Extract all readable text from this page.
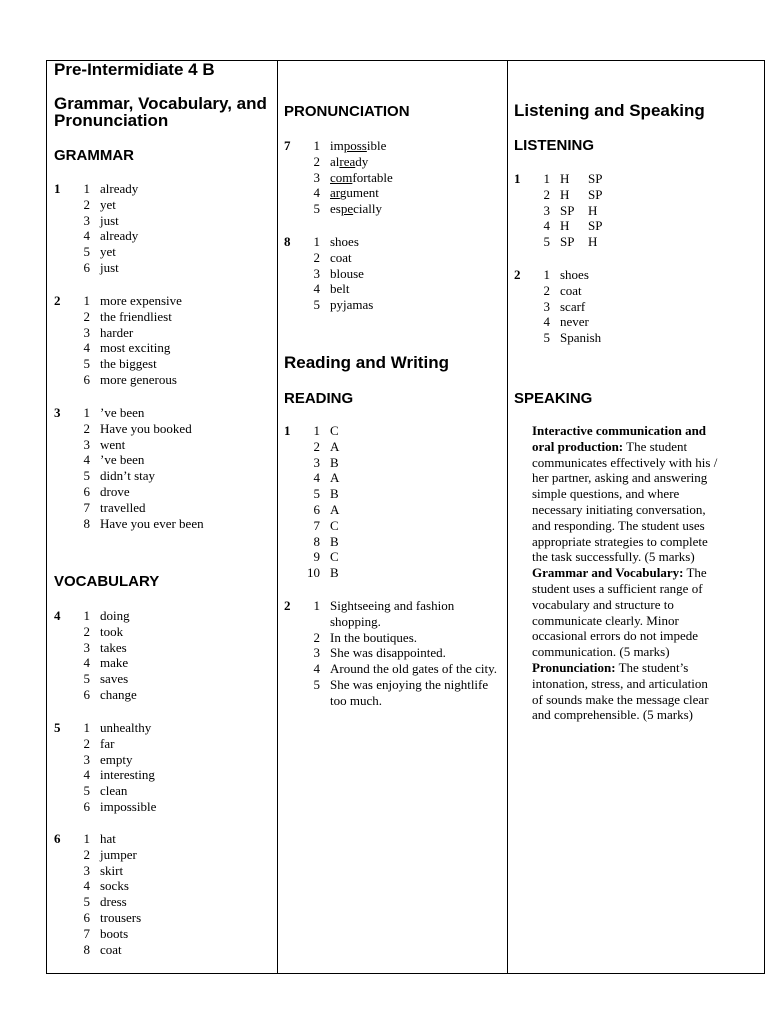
Pre-Intermidiate 4 B
Grammar, Vocabulary, and Pronunciation
GRAMMAR
1	1 already
2 yet
3 just
4 already
5 yet
6 just
2	1 more expensive
2 the friendliest
3 harder
4 most exciting
5 the biggest
6 more generous
3	1 ’ve been
2 Have you booked
3 went
4 ’ve been
5 didn’t stay
6 drove
7 travelled
8 Have you ever been
VOCABULARY
4	1 doing
2 took
3 takes
4 make
5 saves
6 change
5	1 unhealthy
2 far
3 empty
4 interesting
5 clean
6 impossible
6	1 hat
2 jumper
3 skirt
4 socks
5 dress
6 trousers
7 boots
8 coat
PRONUNCIATION
7	1 impossible
2 already
3 comfortable
4 argument
5 especially
8	1 shoes
2 coat
3 blouse
4 belt
5 pyjamas
Reading and Writing
READING
1	1 C
2 A
3 B
4 A
5 B
6 A
7 C
8 B
9 C
10 B
2	1 Sightseeing and fashion shopping.
2 In the boutiques.
3 She was disappointed.
4 Around the old gates of the city.
5 She was enjoying the nightlife too much.
Listening and Speaking
LISTENING
1	1 H SP
2 H SP
3 SP H
4 H SP
5 SP H
2	1 shoes
2 coat
3 scarf
4 never
5 Spanish
SPEAKING
Interactive communication and oral production: The student communicates effectively with his / her partner, asking and answering simple questions, and where necessary initiating conversation, and responding. The student uses appropriate strategies to complete the task successfully. (5 marks)
Grammar and Vocabulary: The student uses a sufficient range of vocabulary and structure to communicate clearly. Minor occasional errors do not impede communication. (5 marks)
Pronunciation: The student’s intonation, stress, and articulation of sounds make the message clear and comprehensible. (5 marks)
